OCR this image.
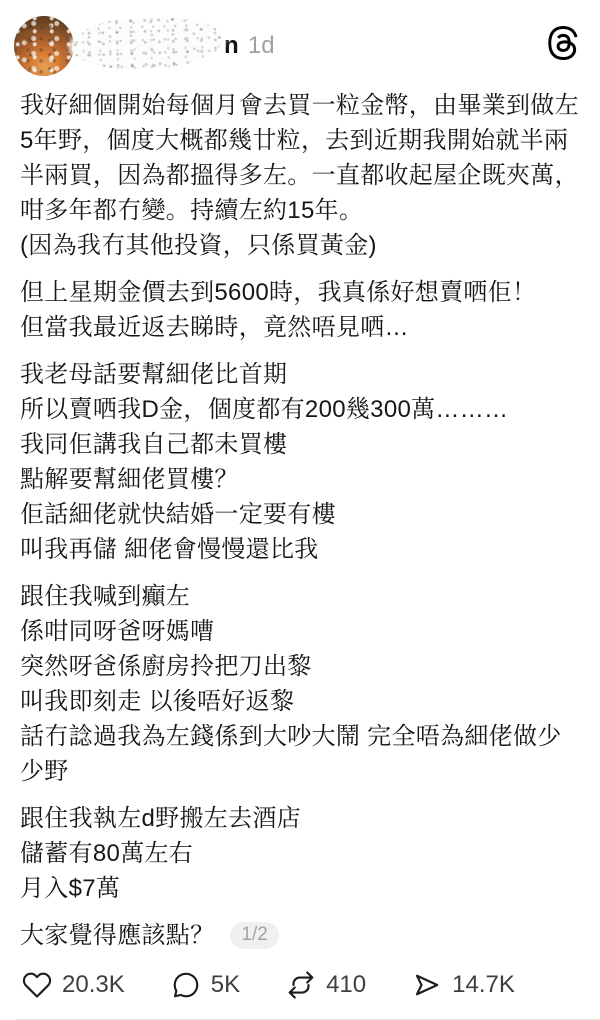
n 1d
我好細個開始每個月會去買一粒金幣，由畢業到做左5年野，個度大概都幾廿粒，去到近期我開始就半兩半兩買，因為都搵得多左。一直都收起屋企既夾萬，咁多年都冇變。持續左約15年。
(因為我冇其他投資，只係買黃金)
但上星期金價去到5600時，我真係好想賣哂佢！
但當我最近返去睇時，竟然唔見哂…
我老母話要幫細佬比首期
所以賣哂我D金，個度都有200幾300萬………
我同佢講我自己都未買樓
點解要幫細佬買樓？
佢話細佬就快結婚一定要有樓
叫我再儲 細佬會慢慢還比我
跟住我喊到癲左
係咁同呀爸呀媽嘈
突然呀爸係廚房拎把刀出黎
叫我即刻走 以後唔好返黎
話冇諗過我為左錢係到大吵大鬧 完全唔為細佬做少少野
跟住我執左d野搬左去酒店
儲蓄有80萬左右
月入$7萬
大家覺得應該點？	1/2
20.3K	5K	410	14.7K
